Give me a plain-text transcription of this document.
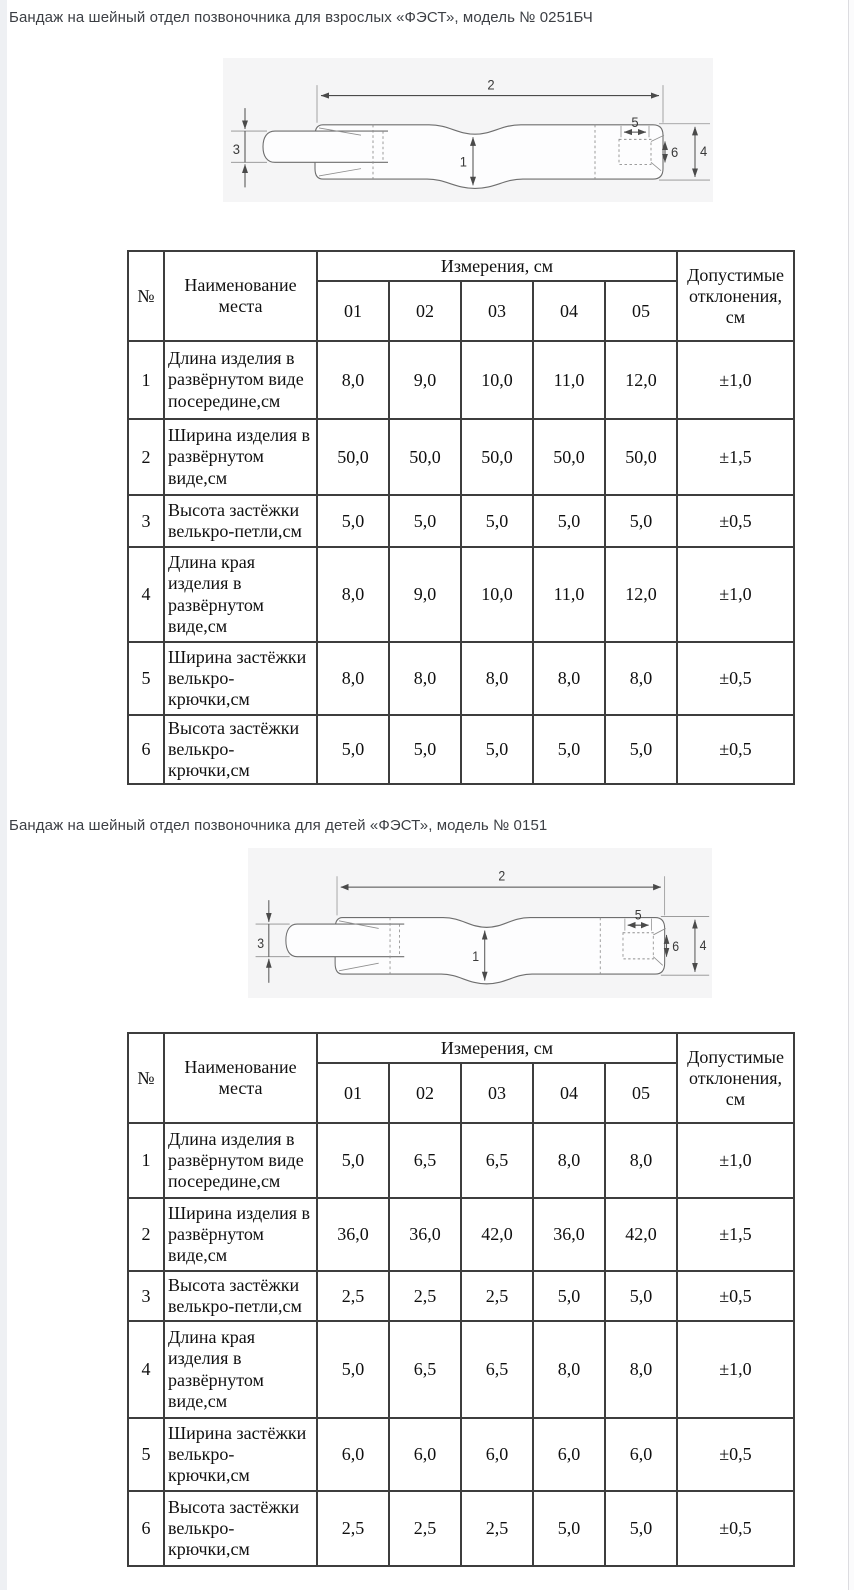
Бандаж на шейный отдел позвоночника для взрослых «ФЭСТ», модель № 0251БЧ
2
1
3
5
6 4
№	Наименование места	Измерения, см					Допустимые отклонения, см
		01	02	03	04	05	
1	Длина изделия в развёрнутом виде посередине,см	8,0	9,0	10,0	11,0	12,0	±1,0
2	Ширина изделия в развёрнутом виде,см	50,0	50,0	50,0	50,0	50,0	±1,5
3	Высота застёжки велькро-петли,см	5,0	5,0	5,0	5,0	5,0	±0,5
4	Длина края изделия в развёрнутом виде,см	8,0	9,0	10,0	11,0	12,0	±1,0
5	Ширина застёжки велькро-крючки,см	8,0	8,0	8,0	8,0	8,0	±0,5
6	Высота застёжки велькро-крючки,см	5,0	5,0	5,0	5,0	5,0	±0,5
Бандаж на шейный отдел позвоночника для детей «ФЭСТ», модель № 0151
2
1
3
5
6 4
№	Наименование места	Измерения, см					Допустимые отклонения, см
		01	02	03	04	05	
1	Длина изделия в развёрнутом виде посередине,см	5,0	6,5	6,5	8,0	8,0	±1,0
2	Ширина изделия в развёрнутом виде,см	36,0	36,0	42,0	36,0	42,0	±1,5
3	Высота застёжки велькро-петли,см	2,5	2,5	2,5	5,0	5,0	±0,5
4	Длина края изделия в развёрнутом виде,см	5,0	6,5	6,5	8,0	8,0	±1,0
5	Ширина застёжки велькро-крючки,см	6,0	6,0	6,0	6,0	6,0	±0,5
6	Высота застёжки велькро-крючки,см	2,5	2,5	2,5	5,0	5,0	±0,5
